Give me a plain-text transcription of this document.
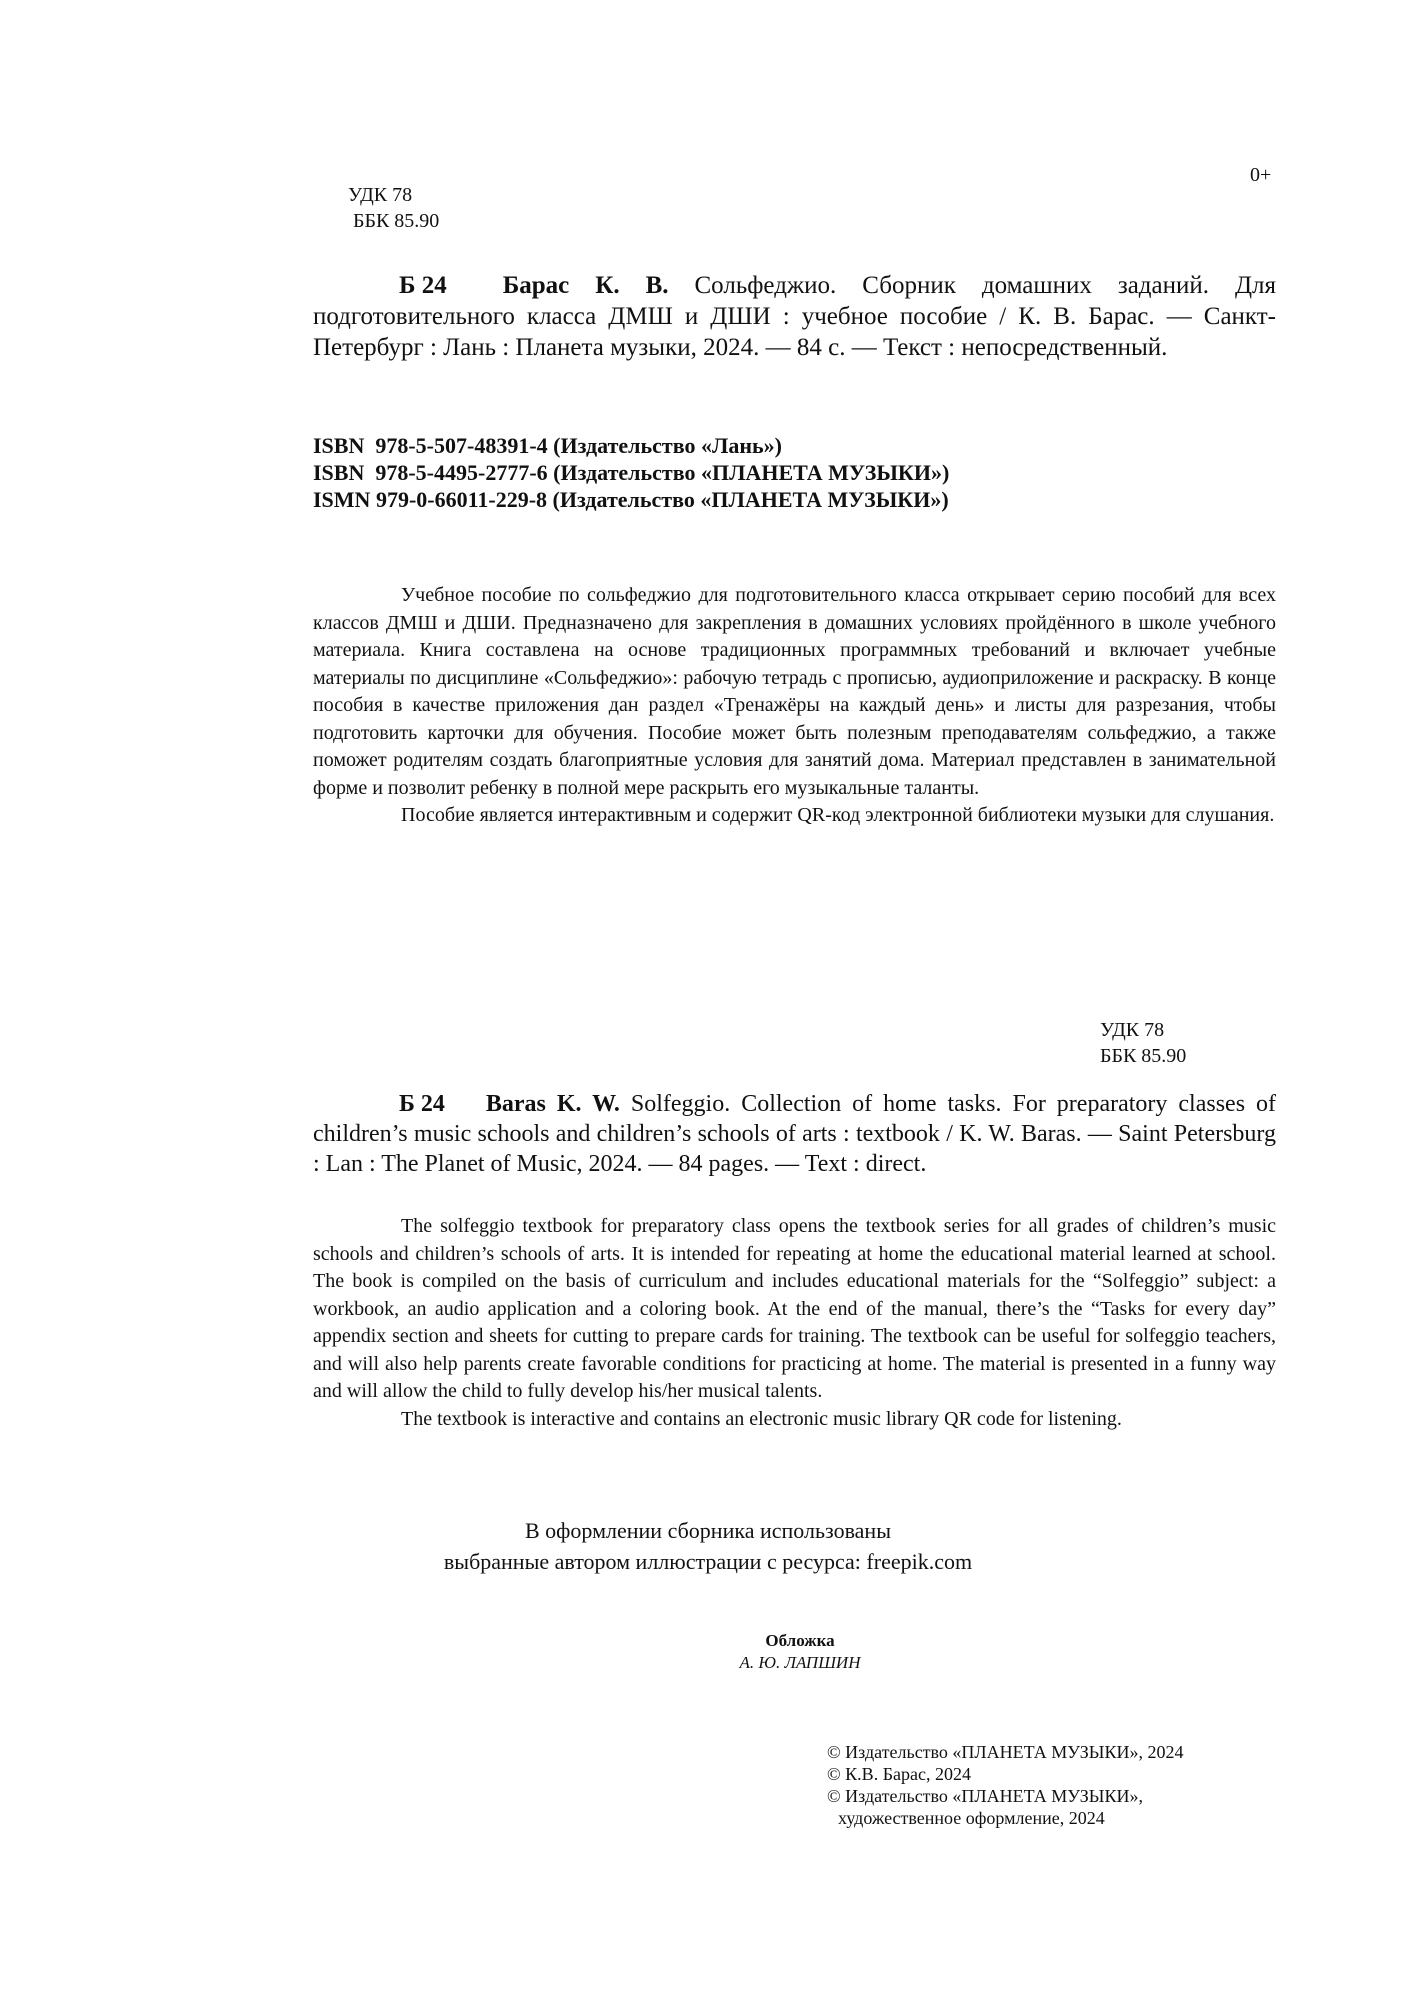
0+
УДК 78
ББК 85.90
Б 24 Барас К. В. Сольфеджио. Сборник домашних заданий. Для подготовительного класса ДМШ и ДШИ : учебное пособие / К. В. Барас. — Санкт-Петербург : Лань : Планета музыки, 2024. — 84 с. — Текст : непосредственный.
ISBN  978-5-507-48391-4 (Издательство «Лань»)
ISBN  978-5-4495-2777-6 (Издательство «ПЛАНЕТА МУЗЫКИ»)
ISMN 979-0-66011-229-8 (Издательство «ПЛАНЕТА МУЗЫКИ»)

Учебное пособие по сольфеджио для подготовительного класса открывает серию пособий для всех классов ДМШ и ДШИ. Предназначено для закрепления в домашних условиях пройдённого в школе учебного материала. Книга составлена на основе традиционных программных требований и включает учебные материалы по дисциплине «Сольфеджио»: рабочую тетрадь с прописью, аудиоприложение и раскраску. В конце пособия в качестве приложения дан раздел «Тренажёры на каждый день» и листы для разрезания, чтобы подготовить карточки для обучения. Пособие может быть полезным преподавателям сольфеджио, а также поможет родителям создать благоприятные условия для занятий дома. Материал представлен в занимательной форме и позволит ребенку в полной мере раскрыть его музыкальные таланты.

Пособие является интерактивным и содержит QR-код электронной библиотеки музыки для слушания.

УДК 78
ББК 85.90
Б 24 Baras K. W. Solfeggio. Collection of home tasks. For preparatory classes of children’s music schools and children’s schools of arts : textbook / K. W. Baras. — Saint Petersburg : Lan : The Planet of Music, 2024. — 84 pages. — Text : direct.

The solfeggio textbook for preparatory class opens the textbook series for all grades of children’s music schools and children’s schools of arts. It is intended for repeating at home the educational material learned at school. The book is compiled on the basis of curriculum and includes educational materials for the “Solfeggio” subject: a workbook, an audio application and a coloring book. At the end of the manual, there’s the “Tasks for every day” appendix section and sheets for cutting to prepare cards for training. The textbook can be useful for solfeggio teachers, and will also help parents create favorable conditions for practicing at home. The material is presented in a funny way and will allow the child to fully develop his/her musical talents.

The textbook is interactive and contains an electronic music library QR code for listening.

В оформлении сборника использованы
выбранные автором иллюстрации с ресурса: freepik.com
Обложка
А. Ю. ЛАПШИН
© Издательство «ПЛАНЕТА МУЗЫКИ», 2024
© К.В. Барас, 2024
© Издательство «ПЛАНЕТА МУЗЫКИ»,
художественное оформление, 2024
